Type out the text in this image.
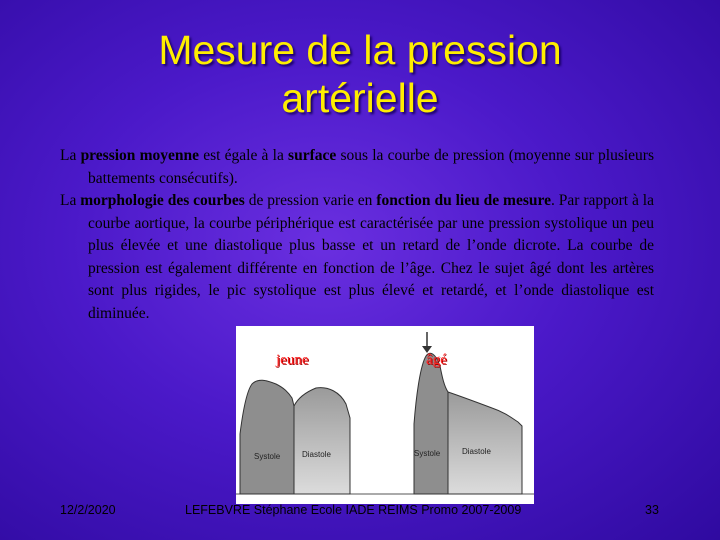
Mesure de la pression
artérielle

La pression moyenne est égale à la surface sous la courbe de pression (moyenne sur plusieurs battements consécutifs).

La morphologie des courbes de pression varie en fonction du lieu de mesure. Par rapport à la courbe aortique, la courbe périphérique est caractérisée par une pression systolique un peu plus élevée et une diastolique plus basse et un retard de l’onde dicrote. La courbe de pression est également différente en fonction de l’âge. Chez le sujet âgé dont les artères sont plus rigides, le pic systolique est plus élevé et retardé, et l’onde diastolique est diminuée.

Systole	Diastole	Systole	Diastole
jeune	âgé
12/2/2020	LEFEBVRE Stéphane Ecole IADE REIMS Promo 2007-2009	33
